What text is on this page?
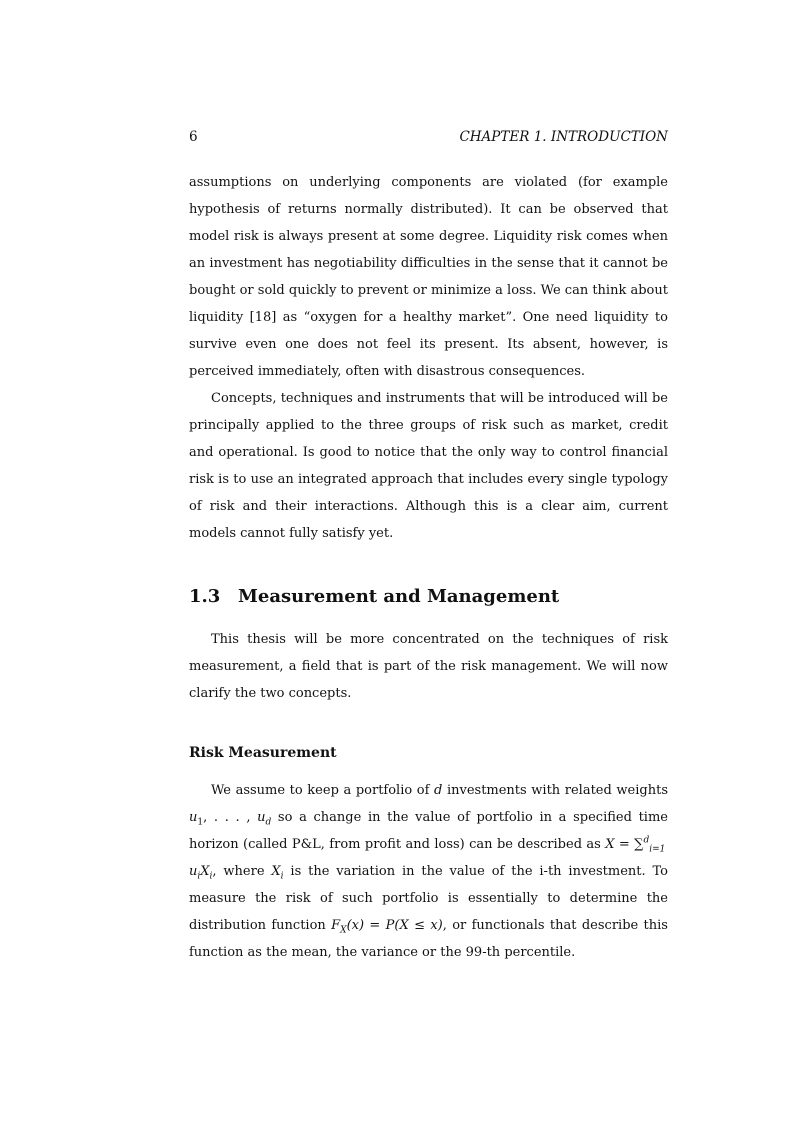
6	CHAPTER 1. INTRODUCTION

assumptions on underlying components are violated (for example hypothesis of returns normally distributed). It can be observed that model risk is always present at some degree. Liquidity risk comes when an investment has negotiability difficulties in the sense that it cannot be bought or sold quickly to prevent or minimize a loss. We can think about liquidity [18] as “oxygen for a healthy market”. One need liquidity to survive even one does not feel its present. Its absent, however, is perceived immediately, often with disastrous consequences.

Concepts, techniques and instruments that will be introduced will be principally applied to the three groups of risk such as market, credit and operational. Is good to notice that the only way to control financial risk is to use an integrated approach that includes every single typology of risk and their interactions. Although this is a clear aim, current models cannot fully satisfy yet.

1.3 Measurement and Management

This thesis will be more concentrated on the techniques of risk measurement, a field that is part of the risk management. We will now clarify the two concepts.

Risk Measurement

We assume to keep a portfolio of d investments with related weights $u_1$, . . . , $u_d$ so a change in the value of portfolio in a specified time horizon (called P&L, from profit and loss) can be described as X = ∑$^d_{i=1}$ $u_iX_i$, where $X_i$ is the variation in the value of the i-th investment. To measure the risk of such portfolio is essentially to determine the distribution function $F_X(x) = P(X \le x)$, or functionals that describe this function as the mean, the variance or the 99-th percentile.
